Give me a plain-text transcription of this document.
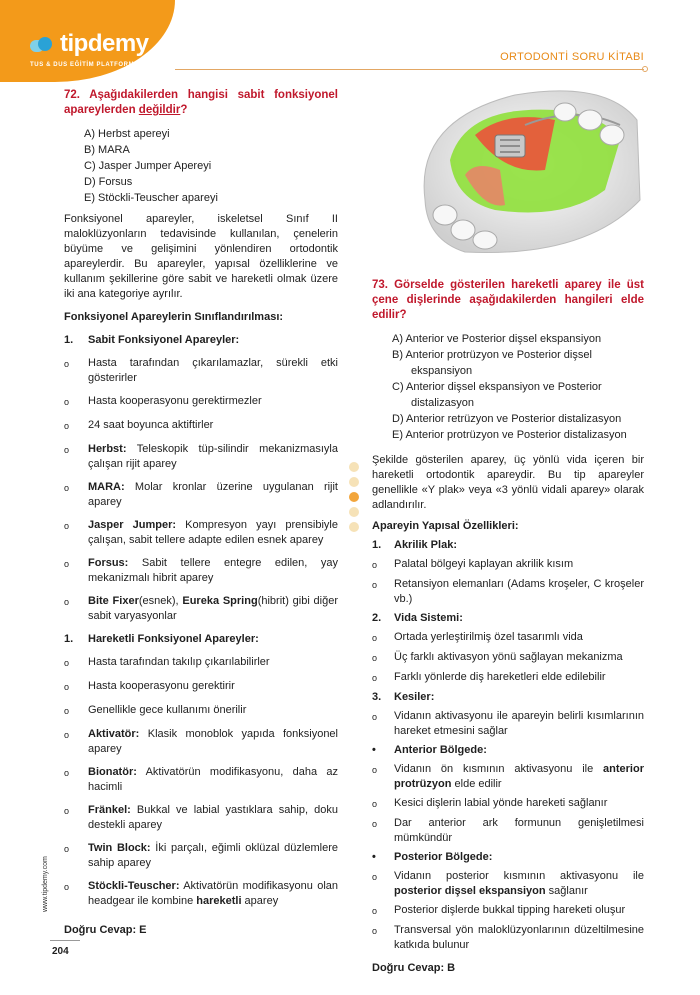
tipdemy
TUS & DUS EĞİTİM PLATFORMU
ORTODONTİ SORU KİTABI
72. Aşağıdakilerden hangisi sabit fonksiyonel apareylerden değildir?
A) Herbst apereyi
B) MARA
C) Jasper Jumper Apereyi
D) Forsus
E) Stöckli-Teuscher apareyi
Fonksiyonel apareyler, iskeletsel Sınıf II maloklüzyonların tedavisinde kullanılan, çenelerin büyüme ve gelişimini yönlendiren ortodontik apareylerdir. Bu apareyler, yapısal özelliklerine ve kullanım şekillerine göre sabit ve hareketli olmak üzere iki ana kategoriye ayrılır.
Fonksiyonel Apareylerin Sınıflandırılması:
1. Sabit Fonksiyonel Apareyler:
o	Hasta tarafından çıkarılamazlar, sürekli etki gösterirler
o	Hasta kooperasyonu gerektirmezler
o	24 saat boyunca aktiftirler
o	Herbst: Teleskopik tüp-silindir mekanizmasıyla çalışan rijit aparey
o	MARA: Molar kronlar üzerine uygulanan rijit aparey
o	Jasper Jumper: Kompresyon yayı prensibiyle çalışan, sabit tellere adapte edilen esnek aparey
o	Forsus: Sabit tellere entegre edilen, yay mekanizmalı hibrit aparey
o	Bite Fixer(esnek), Eureka Spring(hibrit) gibi diğer sabit varyasyonlar
1. Hareketli Fonksiyonel Apareyler:
o	Hasta tarafından takılıp çıkarılabilirler
o	Hasta kooperasyonu gerektirir
o	Genellikle gece kullanımı önerilir
o	Aktivatör: Klasik monoblok yapıda fonksiyonel aparey
o	Bionatör: Aktivatörün modifikasyonu, daha az hacimli
o	Fränkel: Bukkal ve labial yastıklara sahip, doku destekli aparey
o	Twin Block: İki parçalı, eğimli oklüzal düzlemlere sahip aparey
o	Stöckli-Teuscher: Aktivatörün modifikasyonu olan headgear ile kombine hareketli aparey
Doğru Cevap: E
73. Görselde gösterilen hareketli aparey ile üst çene dişlerinde aşağıdakilerden hangileri elde edilir?
A) Anterior ve Posterior dişsel ekspansiyon
B) Anterior protrüzyon ve Posterior dişsel ekspansiyon
C) Anterior dişsel ekspansiyon ve Posterior distalizasyon
D) Anterior retrüzyon ve Posterior distalizasyon
E) Anterior protrüzyon ve Posterior distalizasyon
Şekilde gösterilen aparey, üç yönlü vida içeren bir hareketli ortodontik apareydir. Bu tip apareyler genellikle «Y plak» veya «3 yönlü vidali aparey» olarak adlandırılır.
Apareyin Yapısal Özellikleri:
1.	Akrilik Plak:
o	Palatal bölgeyi kaplayan akrilik kısım
o	Retansiyon elemanları (Adams kroşeler, C kroşeler vb.)
2.	Vida Sistemi:
o	Ortada yerleştirilmiş özel tasarımlı vida
o	Üç farklı aktivasyon yönü sağlayan mekanizma
o	Farklı yönlerde diş hareketleri elde edilebilir
3.	Kesiler:
o	Vidanın aktivasyonu ile apareyin belirli kısımlarının hareket etmesini sağlar
•	Anterior Bölgede:
o	Vidanın ön kısmının aktivasyonu ile anterior protrüzyon elde edilir
o	Kesici dişlerin labial yönde hareketi sağlanır
o	Dar anterior ark formunun genişletilmesi mümkündür
•	Posterior Bölgede:
o	Vidanın posterior kısmının aktivasyonu ile posterior dişsel ekspansiyon sağlanır
o	Posterior dişlerde bukkal tipping hareketi oluşur
o	Transversal yön maloklüzyonlarının düzeltilmesine katkıda bulunur
Doğru Cevap: B
www.tipdemy.com
204
